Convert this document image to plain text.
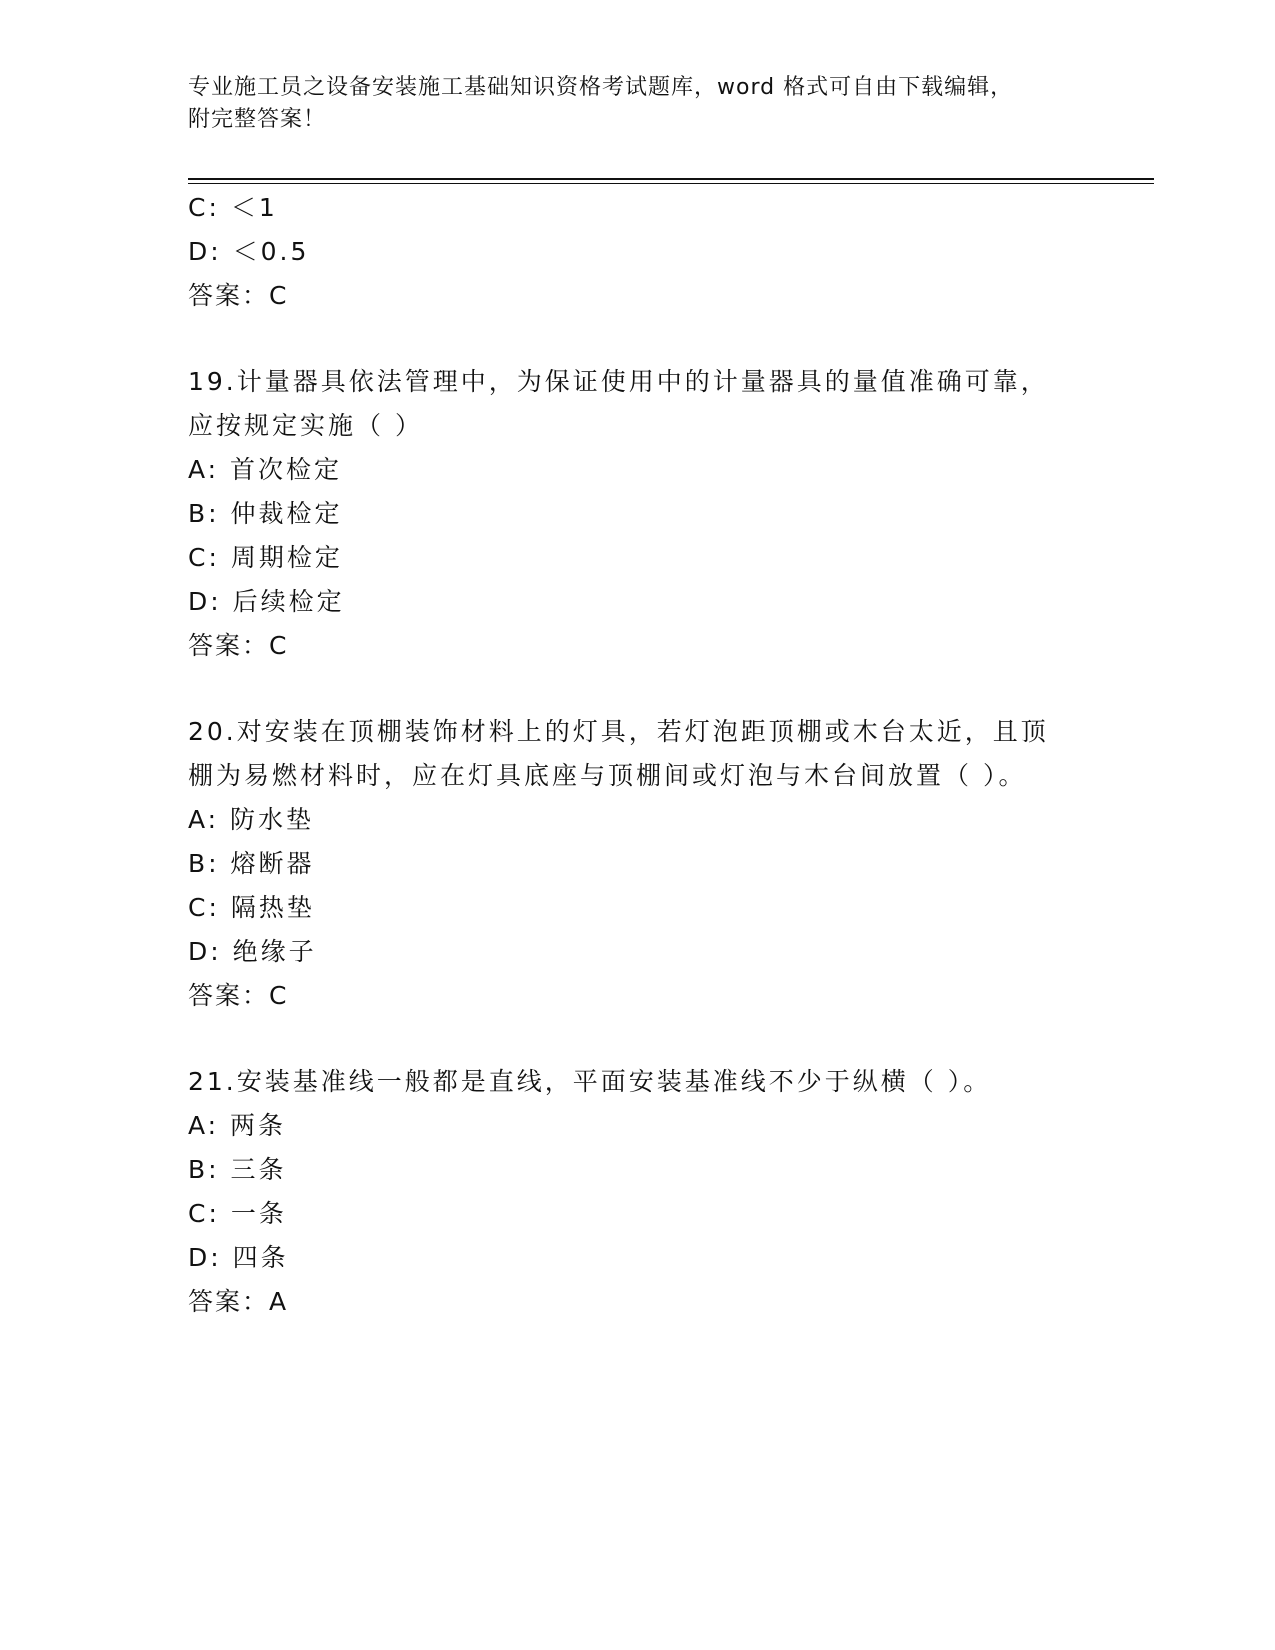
专业施工员之设备安装施工基础知识资格考试题库，word 格式可自由下载编辑，
附完整答案！
C: ＜1
D: ＜0.5
答案：C
19.计量器具依法管理中，为保证使用中的计量器具的量值准确可靠，
应按规定实施（ ）
A: 首次检定
B: 仲裁检定
C: 周期检定
D: 后续检定
答案：C
20.对安装在顶棚装饰材料上的灯具，若灯泡距顶棚或木台太近，且顶
棚为易燃材料时，应在灯具底座与顶棚间或灯泡与木台间放置（ ）。
A: 防水垫
B: 熔断器
C: 隔热垫
D: 绝缘子
答案：C
21.安装基准线一般都是直线，平面安装基准线不少于纵横（ ）。
A: 两条
B: 三条
C: 一条
D: 四条
答案：A
